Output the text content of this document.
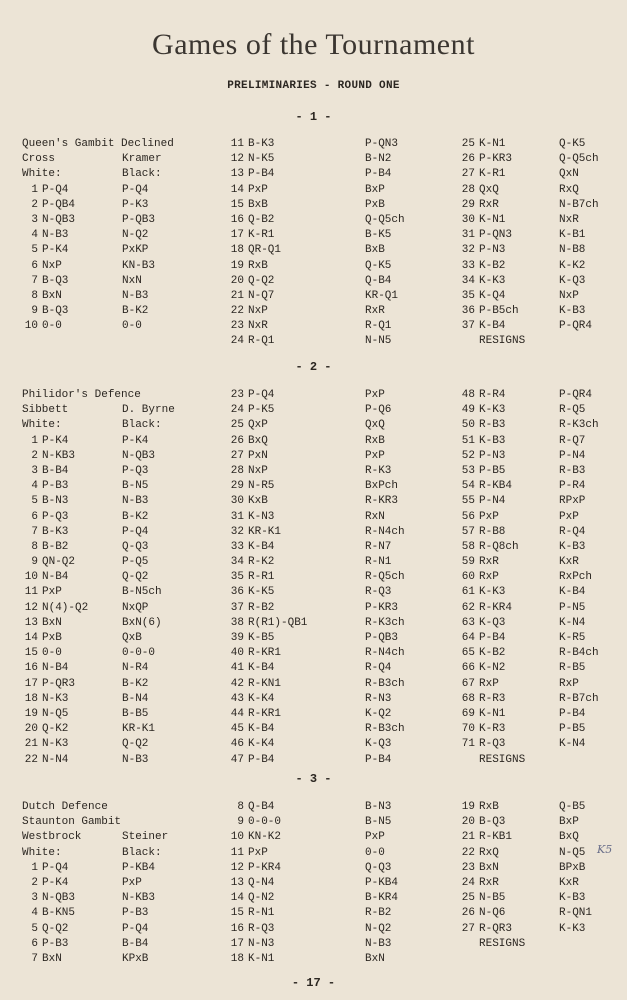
Games of the Tournament
PRELIMINARIES - ROUND ONE
- 1 -
Queen's Gambit Declined
Cross	Kramer
White:	Black:
1 P-Q4	P-Q4
2 P-QB4	P-K3
3 N-QB3	P-QB3
4 N-B3	N-Q2
5 P-K4	PxKP
6 NxP	KN-B3
7 B-Q3	NxN
8 BxN	N-B3
9 B-Q3	B-K2
10 0-0	0-0
11 B-K3	P-QN3
12 N-K5	B-N2
13 P-B4	P-B4
14 PxP	BxP
15 BxB	PxB
16 Q-B2	Q-Q5ch
17 K-R1	B-K5
18 QR-Q1	BxB
19 RxB	Q-K5
20 Q-Q2	Q-B4
21 N-Q7	KR-Q1
22 NxP	RxR
23 NxR	R-Q1
24 R-Q1	N-N5
25 K-N1	Q-K5
26 P-KR3	Q-Q5ch
27 K-R1	QxN
28 QxQ	RxQ
29 RxR	N-B7ch
30 K-N1	NxR
31 P-QN3	K-B1
32 P-N3	N-B8
33 K-B2	K-K2
34 K-K3	K-Q3
35 K-Q4	NxP
36 P-B5ch	K-B3
37 K-B4	P-QR4
RESIGNS
- 2 -
Philidor's Defence
Sibbett	D. Byrne
White:	Black:
1 P-K4	P-K4
2 N-KB3	N-QB3
3 B-B4	P-Q3
4 P-B3	B-N5
5 B-N3	N-B3
6 P-Q3	B-K2
7 B-K3	P-Q4
8 B-B2	Q-Q3
9 QN-Q2	P-Q5
10 N-B4	Q-Q2
11 PxP	B-N5ch
12 N(4)-Q2	NxQP
13 BxN	BxN(6)
14 PxB	QxB
15 0-0	0-0-0
16 N-B4	N-R4
17 P-QR3	B-K2
18 N-K3	B-N4
19 N-Q5	B-B5
20 Q-K2	KR-K1
21 N-K3	Q-Q2
22 N-N4	N-B3
23 P-Q4	PxP
24 P-K5	P-Q6
25 QxP	QxQ
26 BxQ	RxB
27 PxN	PxP
28 NxP	R-K3
29 N-R5	BxPch
30 KxB	R-KR3
31 K-N3	RxN
32 KR-K1	R-N4ch
33 K-B4	R-N7
34 R-K2	R-N1
35 R-R1	R-Q5ch
36 K-K5	R-Q3
37 R-B2	P-KR3
38 R(R1)-QB1	R-K3ch
39 K-B5	P-QB3
40 R-KR1	R-N4ch
41 K-B4	R-Q4
42 R-KN1	R-B3ch
43 K-K4	R-N3
44 R-KR1	K-Q2
45 K-B4	R-B3ch
46 K-K4	K-Q3
47 P-B4	P-B4
48 R-R4	P-QR4
49 K-K3	R-Q5
50 R-B3	R-K3ch
51 K-B3	R-Q7
52 P-N3	P-N4
53 P-B5	R-B3
54 R-KB4	P-R4
55 P-N4	RPxP
56 PxP	PxP
57 R-B8	R-Q4
58 R-Q8ch	K-B3
59 RxR	KxR
60 RxP	RxPch
61 K-K3	K-B4
62 R-KR4	P-N5
63 K-Q3	K-N4
64 P-B4	K-R5
65 K-B2	R-B4ch
66 K-N2	R-B5
67 RxP	RxP
68 R-R3	R-B7ch
69 K-N1	P-B4
70 K-R3	P-B5
71 R-Q3	K-N4
RESIGNS
- 3 -
Dutch Defence
Staunton Gambit
Westbrock	Steiner
White:	Black:
1 P-Q4	P-KB4
2 P-K4	PxP
3 N-QB3	N-KB3
4 B-KN5	P-B3
5 Q-Q2	P-Q4
6 P-B3	B-B4
7 BxN	KPxB
8 Q-B4	B-N3
9 0-0-0	B-N5
10 KN-K2	PxP
11 PxP	0-0
12 P-KR4	Q-Q3
13 Q-N4	P-KB4
14 Q-N2	B-KR4
15 R-N1	R-B2
16 R-Q3	N-Q2
17 N-N3	N-B3
18 K-N1	BxN
19 RxB	Q-B5
20 B-Q3	BxP
21 R-KB1	BxQ
22 RxQ	N-Q5
23 BxN	BPxB
24 RxR	KxR
25 N-B5	K-B3
26 N-Q6	R-QN1
27 R-QR3	K-K3
RESIGNS
K5
- 17 -
